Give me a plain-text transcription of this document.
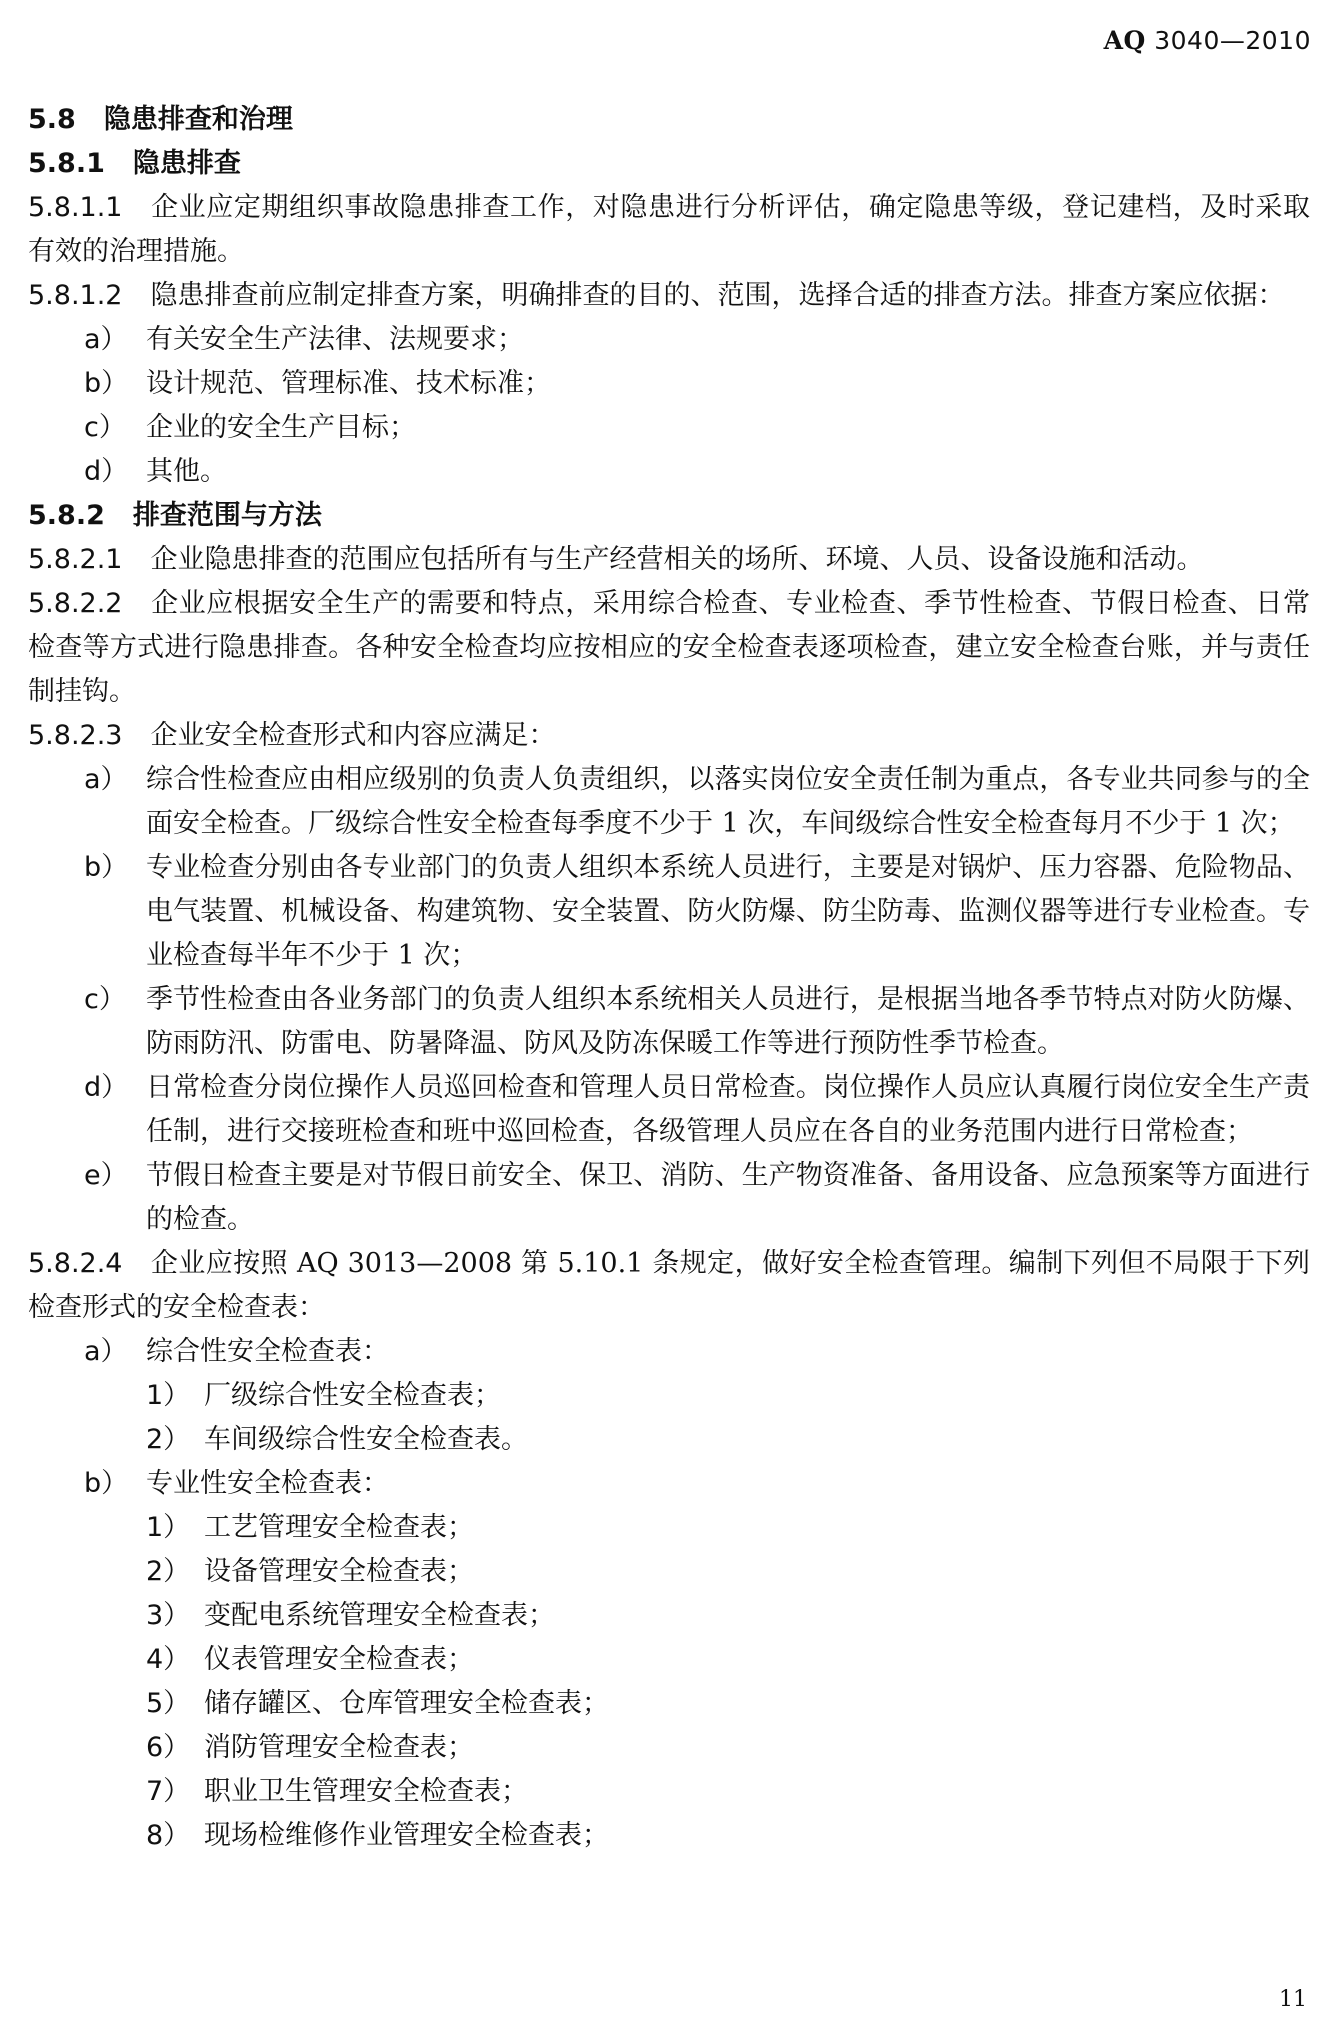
AQ 3040—2010
5.8 隐患排查和治理
5.8.1 隐患排查
5.8.1.1 企业应定期组织事故隐患排查工作，对隐患进行分析评估，确定隐患等级，登记建档，及时采取有效的治理措施。
5.8.1.2 隐患排查前应制定排查方案，明确排查的目的、范围，选择合适的排查方法。排查方案应依据：
a） 有关安全生产法律、法规要求；
b） 设计规范、管理标准、技术标准；
c） 企业的安全生产目标；
d） 其他。
5.8.2 排查范围与方法
5.8.2.1 企业隐患排查的范围应包括所有与生产经营相关的场所、环境、人员、设备设施和活动。
5.8.2.2 企业应根据安全生产的需要和特点，采用综合检查、专业检查、季节性检查、节假日检查、日常检查等方式进行隐患排查。各种安全检查均应按相应的安全检查表逐项检查，建立安全检查台账，并与责任制挂钩。
5.8.2.3 企业安全检查形式和内容应满足：
a） 综合性检查应由相应级别的负责人负责组织，以落实岗位安全责任制为重点，各专业共同参与的全面安全检查。厂级综合性安全检查每季度不少于 1 次，车间级综合性安全检查每月不少于 1 次；
b） 专业检查分别由各专业部门的负责人组织本系统人员进行，主要是对锅炉、压力容器、危险物品、电气装置、机械设备、构建筑物、安全装置、防火防爆、防尘防毒、监测仪器等进行专业检查。专业检查每半年不少于 1 次；
c） 季节性检查由各业务部门的负责人组织本系统相关人员进行，是根据当地各季节特点对防火防爆、防雨防汛、防雷电、防暑降温、防风及防冻保暖工作等进行预防性季节检查。
d） 日常检查分岗位操作人员巡回检查和管理人员日常检查。岗位操作人员应认真履行岗位安全生产责任制，进行交接班检查和班中巡回检查，各级管理人员应在各自的业务范围内进行日常检查；
e） 节假日检查主要是对节假日前安全、保卫、消防、生产物资准备、备用设备、应急预案等方面进行的检查。
5.8.2.4 企业应按照 AQ 3013—2008 第 5.10.1 条规定，做好安全检查管理。编制下列但不局限于下列检查形式的安全检查表：
a） 综合性安全检查表：
1） 厂级综合性安全检查表；
2） 车间级综合性安全检查表。
b） 专业性安全检查表：
1） 工艺管理安全检查表；
2） 设备管理安全检查表；
3） 变配电系统管理安全检查表；
4） 仪表管理安全检查表；
5） 储存罐区、仓库管理安全检查表；
6） 消防管理安全检查表；
7） 职业卫生管理安全检查表；
8） 现场检维修作业管理安全检查表；
11
